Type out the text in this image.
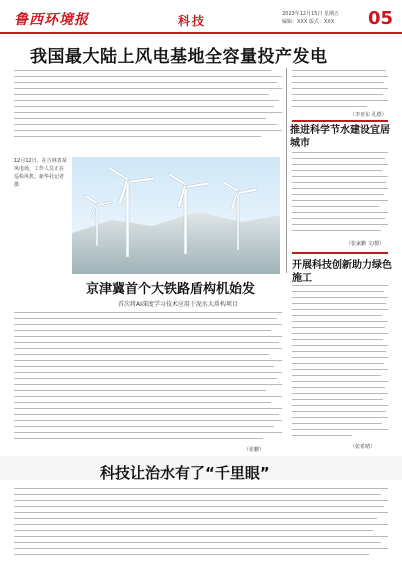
鲁西环境报	科技	2023年12月15日 星期五
编辑：XXX 版式：XXX 05
我国最大陆上风电基地全容量投产发电
12月12日，在吉林省某风电场，工作人员正在巡检风机。新华社记者 摄
（李亚东 孔德）
推进科学节水建设宜居城市
（张家鹏 文/摄）
开展科技创新助力绿色施工
（张希晴）
京津冀首个大铁路盾构机始发
首次将AI深度学习技术应用于泥水大盾构项目
（张鹏）
科技让治水有了“千里眼”
